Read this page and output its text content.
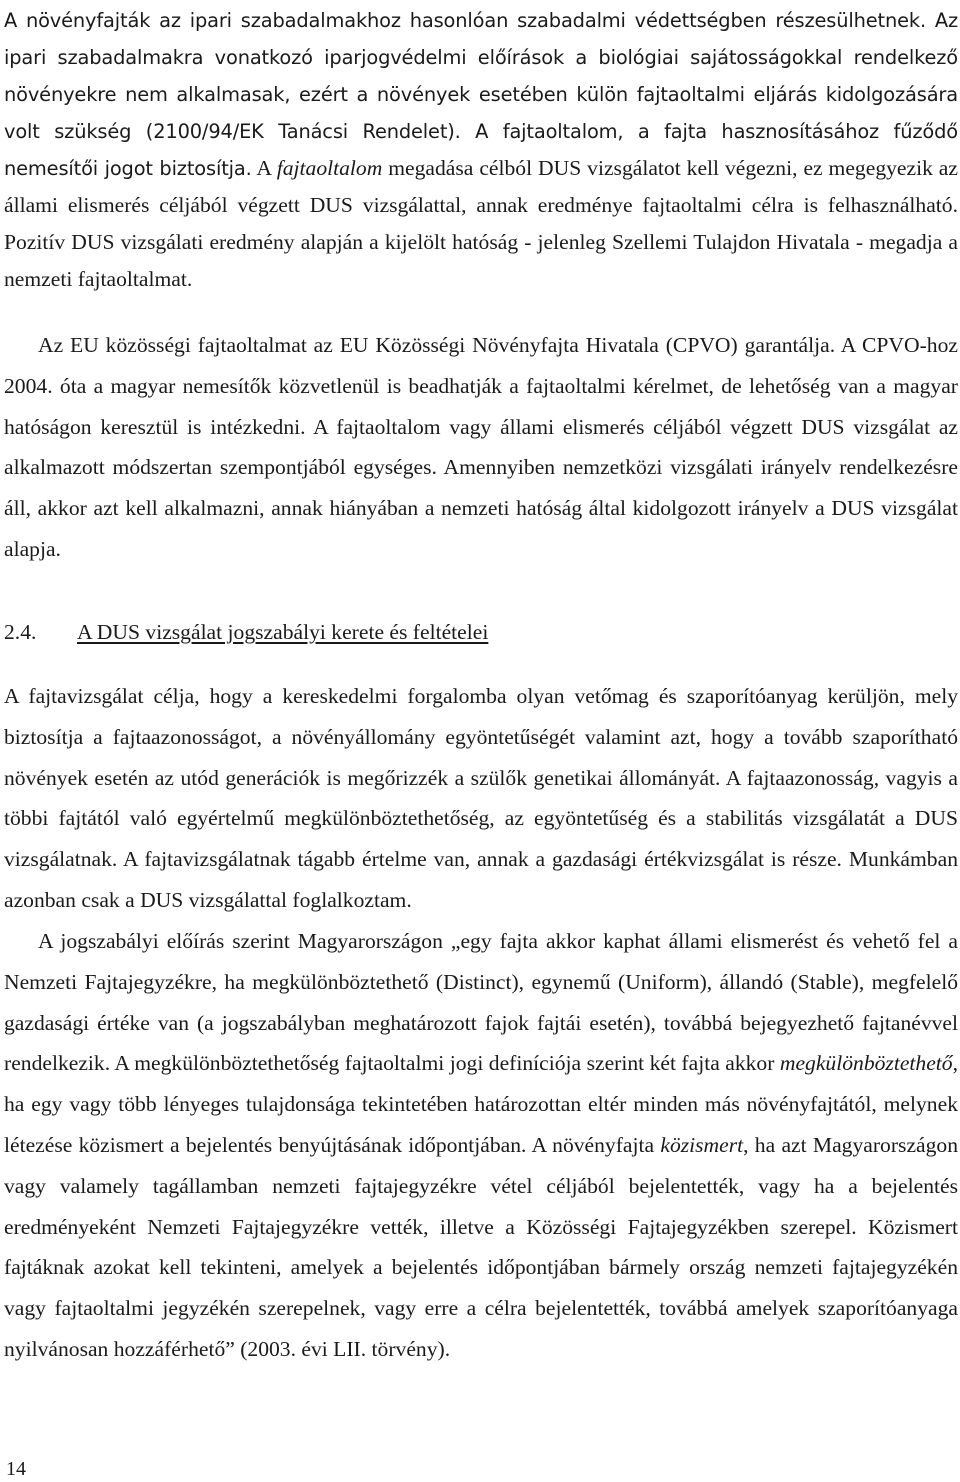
A növényfajták az ipari szabadalmakhoz hasonlóan szabadalmi védettségben részesülhetnek. Az ipari szabadalmakra vonatkozó iparjogvédelmi előírások a biológiai sajátosságokkal rendelkező növényekre nem alkalmasak, ezért a növények esetében külön fajtaoltalmi eljárás kidolgozására volt szükség (2100/94/EK Tanácsi Rendelet). A fajtaoltalom, a fajta hasznosításához fűződő nemesítői jogot biztosítja. A fajtaoltalom megadása célból DUS vizsgálatot kell végezni, ez megegyezik az állami elismerés céljából végzett DUS vizsgálattal, annak eredménye fajtaoltalmi célra is felhasználható. Pozitív DUS vizsgálati eredmény alapján a kijelölt hatóság - jelenleg Szellemi Tulajdon Hivatala - megadja a nemzeti fajtaoltalmat.

Az EU közösségi fajtaoltalmat az EU Közösségi Növényfajta Hivatala (CPVO) garantálja. A CPVO-hoz 2004. óta a magyar nemesítők közvetlenül is beadhatják a fajtaoltalmi kérelmet, de lehetőség van a magyar hatóságon keresztül is intézkedni. A fajtaoltalom vagy állami elismerés céljából végzett DUS vizsgálat az alkalmazott módszertan szempontjából egységes. Amennyiben nemzetközi vizsgálati irányelv rendelkezésre áll, akkor azt kell alkalmazni, annak hiányában a nemzeti hatóság által kidolgozott irányelv a DUS vizsgálat alapja.

2.4. A DUS vizsgálat jogszabályi kerete és feltételei

A fajtavizsgálat célja, hogy a kereskedelmi forgalomba olyan vetőmag és szaporítóanyag kerüljön, mely biztosítja a fajtaazonosságot, a növényállomány egyöntetűségét valamint azt, hogy a tovább szaporítható növények esetén az utód generációk is megőrizzék a szülők genetikai állományát. A fajtaazonosság, vagyis a többi fajtától való egyértelmű megkülönböztethetőség, az egyöntetűség és a stabilitás vizsgálatát a DUS vizsgálatnak. A fajtavizsgálatnak tágabb értelme van, annak a gazdasági értékvizsgálat is része. Munkámban azonban csak a DUS vizsgálattal foglalkoztam.

A jogszabályi előírás szerint Magyarországon „egy fajta akkor kaphat állami elismerést és vehető fel a Nemzeti Fajtajegyzékre, ha megkülönböztethető (Distinct), egynemű (Uniform), állandó (Stable), megfelelő gazdasági értéke van (a jogszabályban meghatározott fajok fajtái esetén), továbbá bejegyezhető fajtanévvel rendelkezik. A megkülönböztethetőség fajtaoltalmi jogi definíciója szerint két fajta akkor megkülönböztethető, ha egy vagy több lényeges tulajdonsága tekintetében határozottan eltér minden más növényfajtától, melynek létezése közismert a bejelentés benyújtásának időpontjában. A növényfajta közismert, ha azt Magyarországon vagy valamely tagállamban nemzeti fajtajegyzékre vétel céljából bejelentették, vagy ha a bejelentés eredményeként Nemzeti Fajtajegyzékre vették, illetve a Közösségi Fajtajegyzékben szerepel. Közismert fajtáknak azokat kell tekinteni, amelyek a bejelentés időpontjában bármely ország nemzeti fajtajegyzékén vagy fajtaoltalmi jegyzékén szerepelnek, vagy erre a célra bejelentették, továbbá amelyek szaporítóanyaga nyilvánosan hozzáférhető” (2003. évi LII. törvény).

14
